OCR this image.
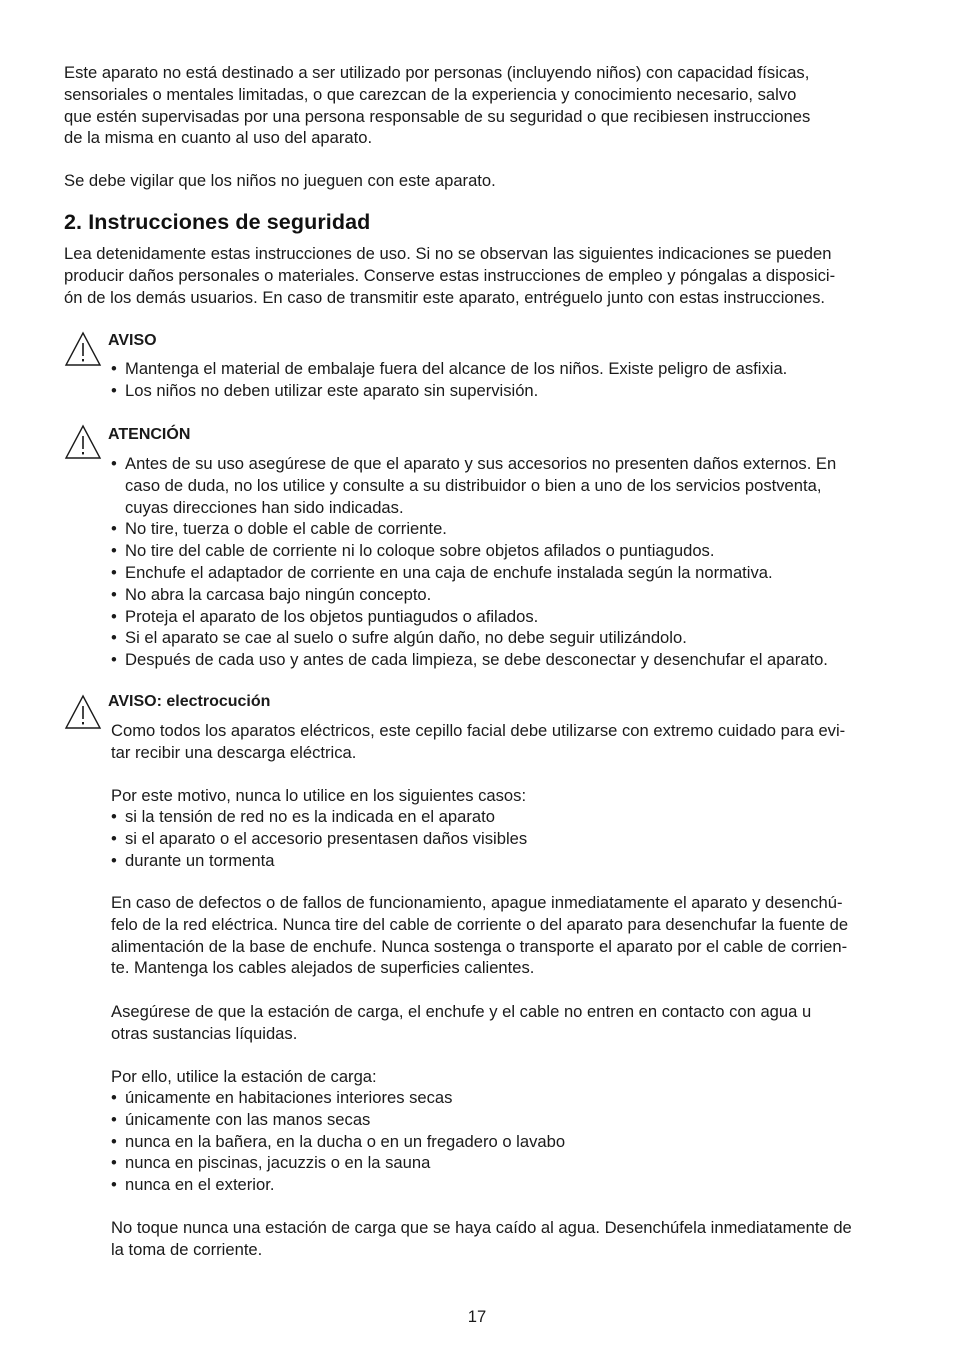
Este aparato no está destinado a ser utilizado por personas (incluyendo niños) con capacidad físicas,
sensoriales o mentales limitadas, o que carezcan de la experiencia y conocimiento necesario, salvo
que estén supervisadas por una persona responsable de su seguridad o que recibiesen instrucciones
de la misma en cuanto al uso del aparato.

Se debe vigilar que los niños no jueguen con este aparato.

2. Instrucciones de seguridad

Lea detenidamente estas instrucciones de uso. Si no se observan las siguientes indicaciones se pueden
producir daños personales o materiales. Conserve estas instrucciones de empleo y póngalas a disposici-
ón de los demás usuarios. En caso de transmitir este aparato, entréguelo junto con estas instrucciones.

AVISO
• Mantenga el material de embalaje fuera del alcance de los niños. Existe peligro de asfixia.
• Los niños no deben utilizar este aparato sin supervisión.
ATENCIÓN
• Antes de su uso asegúrese de que el aparato y sus accesorios no presenten daños externos. En
caso de duda, no los utilice y consulte a su distribuidor o bien a uno de los servicios postventa,
cuyas direcciones han sido indicadas.
• No tire, tuerza o doble el cable de corriente.
• No tire del cable de corriente ni lo coloque sobre objetos afilados o puntiagudos.
• Enchufe el adaptador de corriente en una caja de enchufe instalada según la normativa.
• No abra la carcasa bajo ningún concepto.
• Proteja el aparato de los objetos puntiagudos o afilados.
• Si el aparato se cae al suelo o sufre algún daño, no debe seguir utilizándolo.
• Después de cada uso y antes de cada limpieza, se debe desconectar y desenchufar el aparato.
AVISO: electrocución

Como todos los aparatos eléctricos, este cepillo facial debe utilizarse con extremo cuidado para evi-
tar recibir una descarga eléctrica.

Por este motivo, nunca lo utilice en los siguientes casos:

• si la tensión de red no es la indicada en el aparato
• si el aparato o el accesorio presentasen daños visibles
• durante un tormenta

En caso de defectos o de fallos de funcionamiento, apague inmediatamente el aparato y desenchú-
felo de la red eléctrica. Nunca tire del cable de corriente o del aparato para desenchufar la fuente de
alimentación de la base de enchufe. Nunca sostenga o transporte el aparato por el cable de corrien-
te. Mantenga los cables alejados de superficies calientes.

Asegúrese de que la estación de carga, el enchufe y el cable no entren en contacto con agua u
otras sustancias líquidas.

Por ello, utilice la estación de carga:

• únicamente en habitaciones interiores secas
• únicamente con las manos secas
• nunca en la bañera, en la ducha o en un fregadero o lavabo
• nunca en piscinas, jacuzzis o en la sauna
• nunca en el exterior.

No toque nunca una estación de carga que se haya caído al agua. Desenchúfela inmediatamente de
la toma de corriente.

17
